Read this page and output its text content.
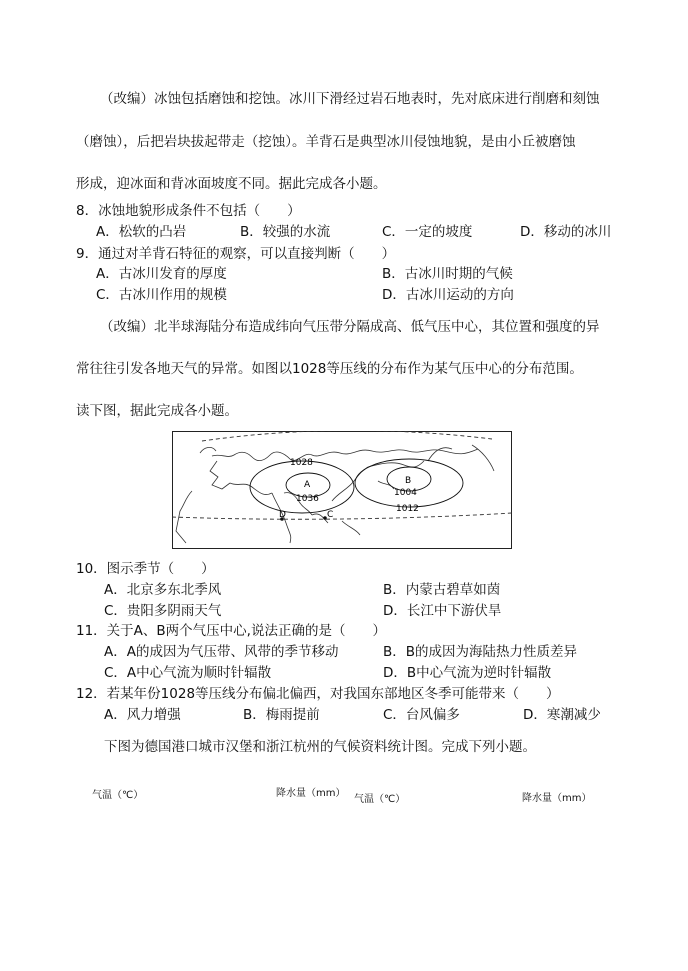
（改编）冰蚀包括磨蚀和挖蚀。冰川下滑经过岩石地表时，先对底床进行削磨和刻蚀
（磨蚀），后把岩块拔起带走（挖蚀）。羊背石是典型冰川侵蚀地貌，是由小丘被磨蚀
形成，迎冰面和背冰面坡度不同。据此完成各小题。
8．冰蚀地貌形成条件不包括（　　）
A．松软的凸岩	B．较强的水流	C．一定的坡度	D．移动的冰川
9．通过对羊背石特征的观察，可以直接判断（　　）
A．古冰川发育的厚度	B．古冰川时期的气候
C．古冰川作用的规模	D．古冰川运动的方向
（改编）北半球海陆分布造成纬向气压带分隔成高、低气压中心，其位置和强度的异
常往往引发各地天气的异常。如图以1028等压线的分布作为某气压中心的分布范围。
读下图，据此完成各小题。
1028
A
1036
B
1004
1012
C
D
10．图示季节（　　）
A．北京多东北季风	B．内蒙古碧草如茵
C．贵阳多阴雨天气	D．长江中下游伏旱
11．关于A、B两个气压中心,说法正确的是（　　）
A．A的成因为气压带、风带的季节移动	B．B的成因为海陆热力性质差异
C．A中心气流为顺时针辐散	D．B中心气流为逆时针辐散
12．若某年份1028等压线分布偏北偏西，对我国东部地区冬季可能带来（　　）
A．风力增强	B．梅雨提前	C．台风偏多	D．寒潮减少
下图为德国港口城市汉堡和浙江杭州的气候资料统计图。完成下列小题。
气温（℃）	降水量（mm）
气温（℃）	降水量（mm）
